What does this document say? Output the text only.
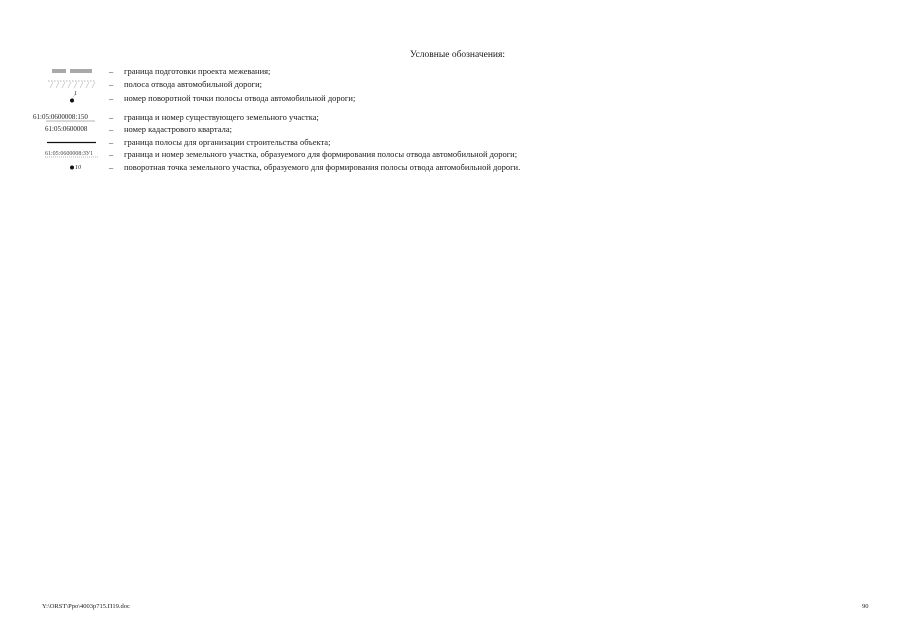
Условные обозначения:
– граница подготовки проекта межевания;
– полоса отвода автомобильной дороги;
1	– номер поворотной точки полосы отвода автомобильной дороги;
61:05:0600008:150 – граница и номер существующего земельного участка;
61:05:0600008	– номер кадастрового квартала;
– граница полосы для организации строительства объекта;
61:05:0600008:ЗУ1 – граница и номер земельного участка, образуемого для формирования полосы отвода автомобильной дороги;
10	– поворотная точка земельного участка, образуемого для формирования полосы отвода автомобильной дороги.
Y:\ORST\Ppo\4003p715.П19.doc	90
